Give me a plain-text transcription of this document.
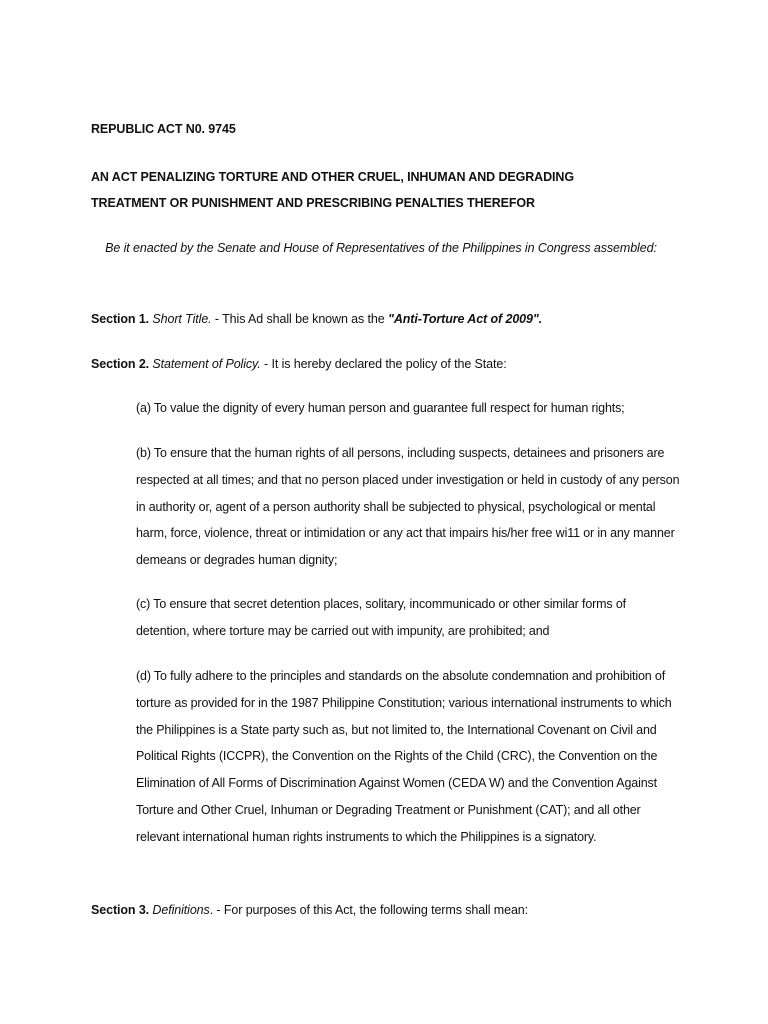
REPUBLIC ACT N0. 9745

AN ACT PENALIZING TORTURE AND OTHER CRUEL, INHUMAN AND DEGRADING TREATMENT OR PUNISHMENT AND PRESCRIBING PENALTIES THEREFOR

Be it enacted by the Senate and House of Representatives of the Philippines in Congress assembled:

Section 1. Short Title. - This Ad shall be known as the "Anti-Torture Act of 2009".

Section 2. Statement of Policy. - It is hereby declared the policy of the State:

(a) To value the dignity of every human person and guarantee full respect for human rights;

(b) To ensure that the human rights of all persons, including suspects, detainees and prisoners are respected at all times; and that no person placed under investigation or held in custody of any person in authority or, agent of a person authority shall be subjected to physical, psychological or mental harm, force, violence, threat or intimidation or any act that impairs his/her free wi11 or in any manner demeans or degrades human dignity;

(c) To ensure that secret detention places, solitary, incommunicado or other similar forms of detention, where torture may be carried out with impunity, are prohibited; and

(d) To fully adhere to the principles and standards on the absolute condemnation and prohibition of torture as provided for in the 1987 Philippine Constitution; various international instruments to which the Philippines is a State party such as, but not limited to, the International Covenant on Civil and Political Rights (ICCPR), the Convention on the Rights of the Child (CRC), the Convention on the Elimination of All Forms of Discrimination Against Women (CEDA W) and the Convention Against Torture and Other Cruel, Inhuman or Degrading Treatment or Punishment (CAT); and all other relevant international human rights instruments to which the Philippines is a signatory.

Section 3. Definitions. - For purposes of this Act, the following terms shall mean:
